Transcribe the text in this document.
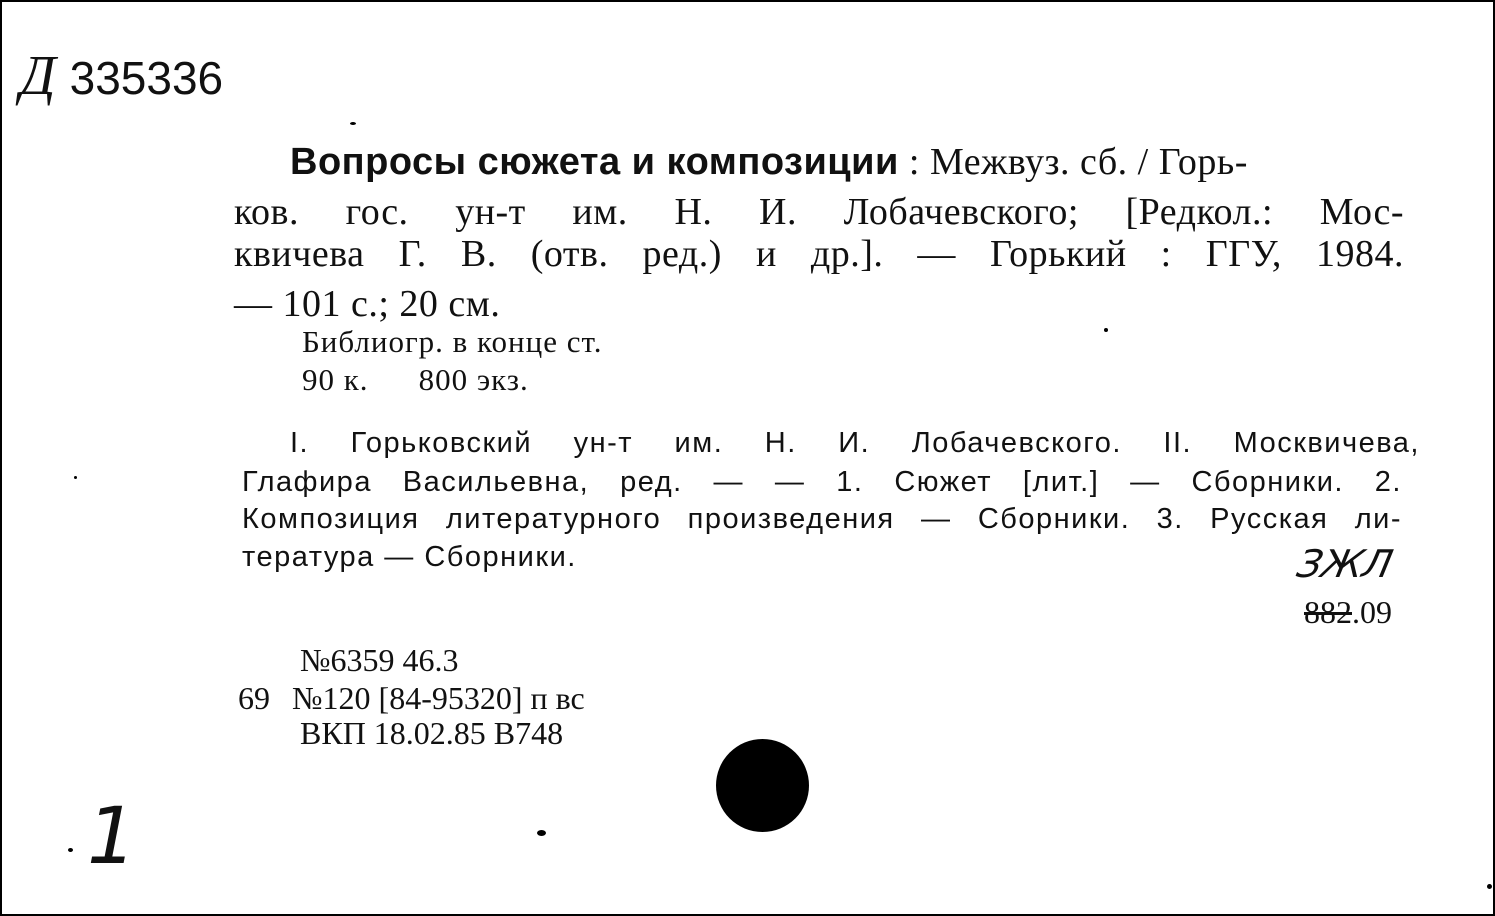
Д 335336
Вопросы сюжета и композиции : Межвуз. сб. / Горь-
ков. гос. ун-т им. Н. И. Лобачевского; [Редкол.: Мос-
квичева Г. В. (отв. ред.) и др.]. — Горький : ГГУ, 1984.
— 101 с.; 20 см.
Библиогр. в конце ст.
90 к. 800 экз.
I. Горьковский ун-т им. Н. И. Лобачевского. II. Москвичева,
Глафира Васильевна, ред. — — 1. Сюжет [лит.] — Сборники. 2.
Композиция литературного произведения — Сборники. 3. Русская ли-
тература — Сборники.	ЗЖЛ
882.09
№6359 46.3
69 №120 [84-95320] п вс
ВКП 18.02.85 В748
1
